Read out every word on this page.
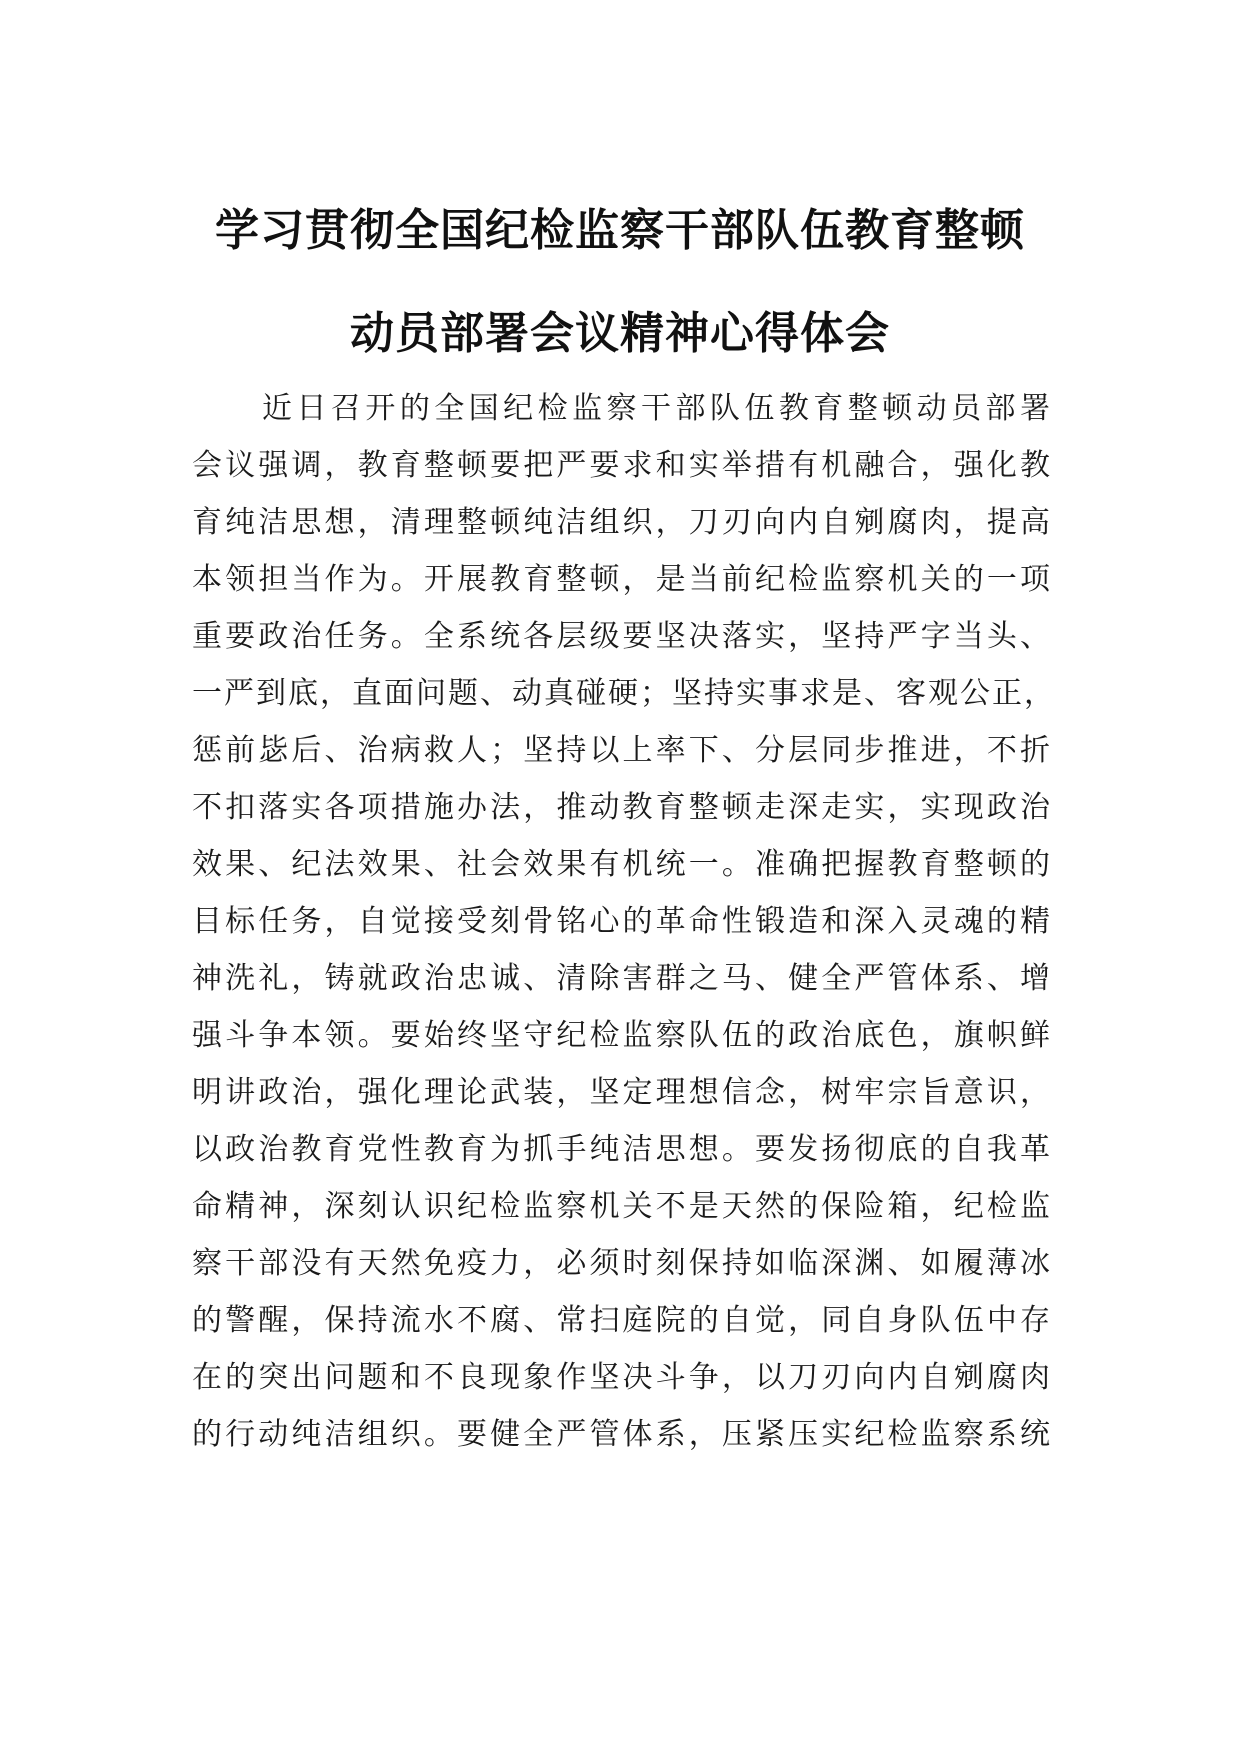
学习贯彻全国纪检监察干部队伍教育整顿
动员部署会议精神心得体会
近日召开的全国纪检监察干部队伍教育整顿动员部署
会议强调，教育整顿要把严要求和实举措有机融合，强化教
育纯洁思想，清理整顿纯洁组织，刀刃向内自剜腐肉，提高
本领担当作为。开展教育整顿，是当前纪检监察机关的一项
重要政治任务。全系统各层级要坚决落实，坚持严字当头、
一严到底，直面问题、动真碰硬；坚持实事求是、客观公正，
惩前毖后、治病救人；坚持以上率下、分层同步推进，不折
不扣落实各项措施办法，推动教育整顿走深走实，实现政治
效果、纪法效果、社会效果有机统一。准确把握教育整顿的
目标任务，自觉接受刻骨铭心的革命性锻造和深入灵魂的精
神洗礼，铸就政治忠诚、清除害群之马、健全严管体系、增
强斗争本领。要始终坚守纪检监察队伍的政治底色，旗帜鲜
明讲政治，强化理论武装，坚定理想信念，树牢宗旨意识，
以政治教育党性教育为抓手纯洁思想。要发扬彻底的自我革
命精神，深刻认识纪检监察机关不是天然的保险箱，纪检监
察干部没有天然免疫力，必须时刻保持如临深渊、如履薄冰
的警醒，保持流水不腐、常扫庭院的自觉，同自身队伍中存
在的突出问题和不良现象作坚决斗争，以刀刃向内自剜腐肉
的行动纯洁组织。要健全严管体系，压紧压实纪检监察系统
